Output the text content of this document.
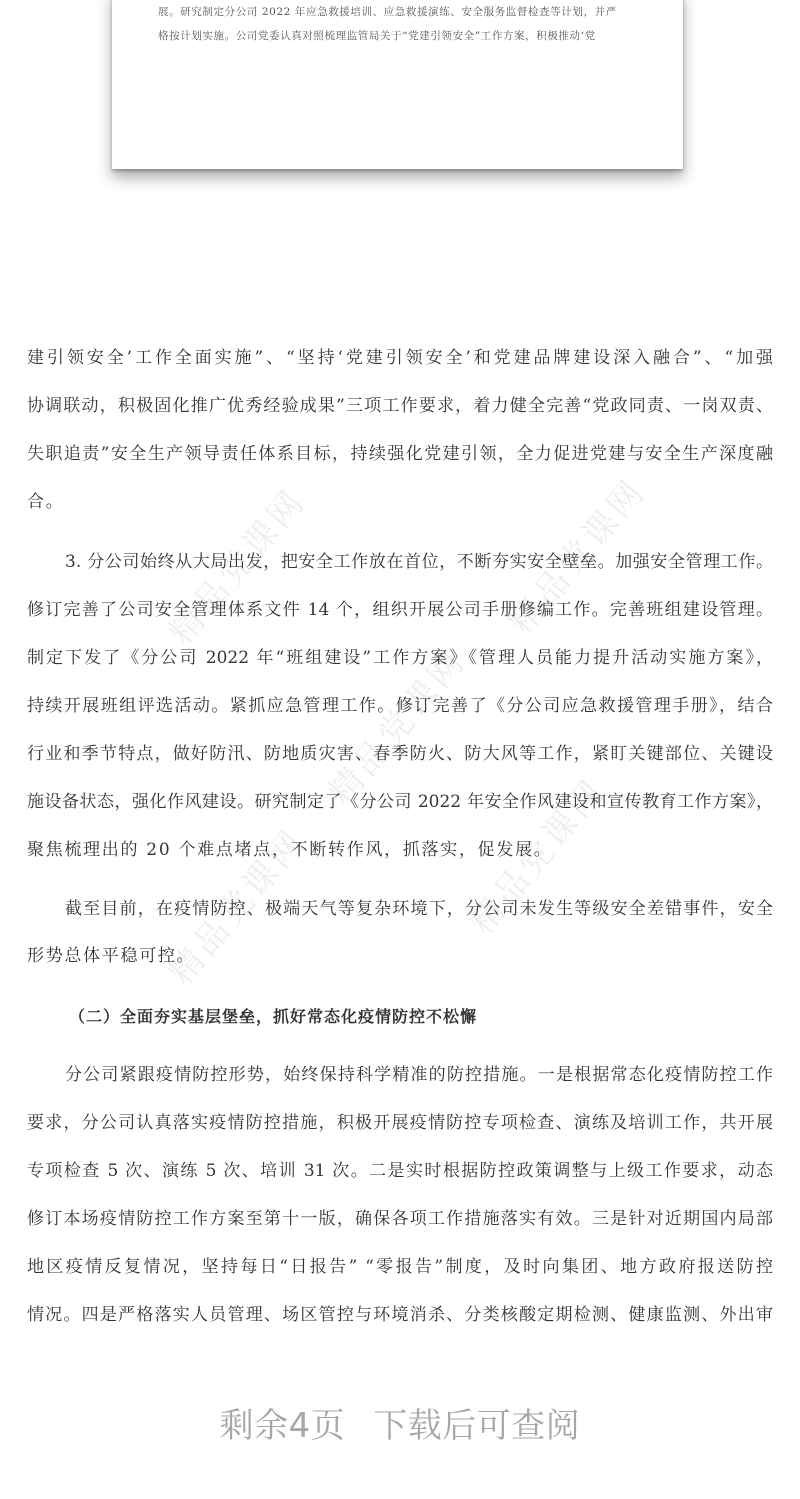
展。研究制定分公司 2022 年应急救援培训、应急救援演练、安全服务监督检查等计划，并严
格按计划实施。公司党委认真对照梳理监管局关于“党建引领安全”工作方案，积极推动‘党
精品党课网	精品党课网
精品党课网
精品党课网	精品党课网
建引领安全’工作全面实施”、“坚持‘党建引领安全’和党建品牌建设深入融合”、“加强
协调联动，积极固化推广优秀经验成果”三项工作要求，着力健全完善“党政同责、一岗双责、
失职追责”安全生产领导责任体系目标，持续强化党建引领，全力促进党建与安全生产深度融
合。
3. 分公司始终从大局出发，把安全工作放在首位，不断夯实安全壁垒。加强安全管理工作。
修订完善了公司安全管理体系文件 14 个，组织开展公司手册修编工作。完善班组建设管理。
制定下发了《分公司 2022 年“班组建设”工作方案》《管理人员能力提升活动实施方案》，
持续开展班组评选活动。紧抓应急管理工作。修订完善了《分公司应急救援管理手册》，结合
行业和季节特点，做好防汛、防地质灾害、春季防火、防大风等工作，紧盯关键部位、关键设
施设备状态，强化作风建设。研究制定了《分公司 2022 年安全作风建设和宣传教育工作方案》，
聚焦梳理出的 20 个难点堵点，不断转作风，抓落实，促发展。
截至目前，在疫情防控、极端天气等复杂环境下，分公司未发生等级安全差错事件，安全
形势总体平稳可控。
（二）全面夯实基层堡垒，抓好常态化疫情防控不松懈
分公司紧跟疫情防控形势，始终保持科学精准的防控措施。一是根据常态化疫情防控工作
要求，分公司认真落实疫情防控措施，积极开展疫情防控专项检查、演练及培训工作，共开展
专项检查 5 次、演练 5 次、培训 31 次。二是实时根据防控政策调整与上级工作要求，动态
修订本场疫情防控工作方案至第十一版，确保各项工作措施落实有效。三是针对近期国内局部
地区疫情反复情况，坚持每日“日报告” “零报告”制度，及时向集团、地方政府报送防控
情况。四是严格落实人员管理、场区管控与环境消杀、分类核酸定期检测、健康监测、外出审
剩余4页 下载后可查阅
